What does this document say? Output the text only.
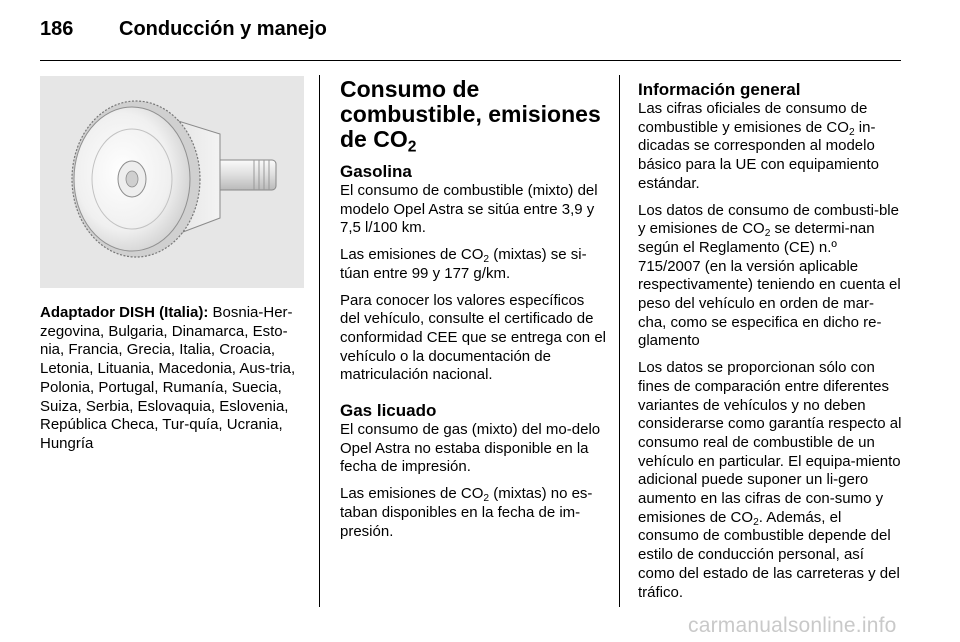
186 Conducción y manejo

Adaptador DISH (Italia): Bosnia-Her-zegovina, Bulgaria, Dinamarca, Esto-nia, Francia, Grecia, Italia, Croacia, Letonia, Lituania, Macedonia, Aus-tria, Polonia, Portugal, Rumanía, Suecia, Suiza, Serbia, Eslovaquia, Eslovenia, República Checa, Tur-quía, Ucrania, Hungría

Consumo de combustible, emisiones de $CO_2$
Gasolina

El consumo de combustible (mixto) del modelo Opel Astra se sitúa entre 3,9 y 7,5 l/100 km.

Las emisiones de $CO_2$ (mixtas) se si-túan entre 99 y 177 g/km.

Para conocer los valores específicos del vehículo, consulte el certificado de conformidad CEE que se entrega con el vehículo o la documentación de matriculación nacional.

Gas licuado

El consumo de gas (mixto) del mo-delo Opel Astra no estaba disponible en la fecha de impresión.

Las emisiones de $CO_2$ (mixtas) no es-taban disponibles en la fecha de im-presión.

Información general

Las cifras oficiales de consumo de combustible y emisiones de $CO_2$ in-dicadas se corresponden al modelo básico para la UE con equipamiento estándar.

Los datos de consumo de combusti-ble y emisiones de $CO_2$ se determi-nan según el Reglamento (CE) n.º 715/2007 (en la versión aplicable respectivamente) teniendo en cuenta el peso del vehículo en orden de mar-cha, como se especifica en dicho re-glamento

Los datos se proporcionan sólo con fines de comparación entre diferentes variantes de vehículos y no deben considerarse como garantía respecto al consumo real de combustible de un vehículo en particular. El equipa-miento adicional puede suponer un li-gero aumento en las cifras de con-sumo y emisiones de $CO_2$. Además, el consumo de combustible depende del estilo de conducción personal, así como del estado de las carreteras y del tráfico.

carmanualsonline.info
